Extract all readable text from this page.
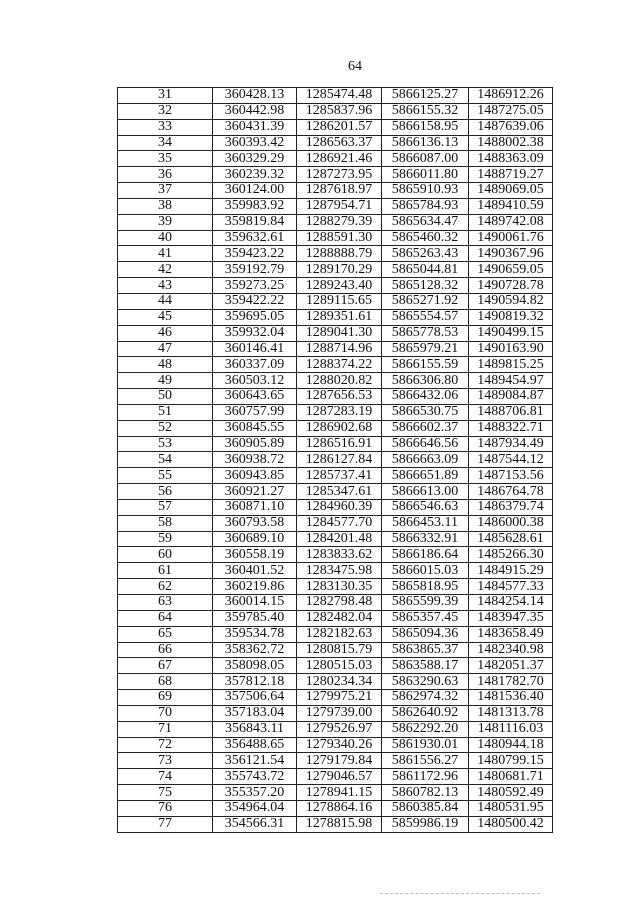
64
31	360428.13	1285474.48	5866125.27	1486912.26
32	360442.98	1285837.96	5866155.32	1487275.05
33	360431.39	1286201.57	5866158.95	1487639.06
34	360393.42	1286563.37	5866136.13	1488002.38
35	360329.29	1286921.46	5866087.00	1488363.09
36	360239.32	1287273.95	5866011.80	1488719.27
37	360124.00	1287618.97	5865910.93	1489069.05
38	359983.92	1287954.71	5865784.93	1489410.59
39	359819.84	1288279.39	5865634.47	1489742.08
40	359632.61	1288591.30	5865460.32	1490061.76
41	359423.22	1288888.79	5865263.43	1490367.96
42	359192.79	1289170.29	5865044.81	1490659.05
43	359273.25	1289243.40	5865128.32	1490728.78
44	359422.22	1289115.65	5865271.92	1490594.82
45	359695.05	1289351.61	5865554.57	1490819.32
46	359932.04	1289041.30	5865778.53	1490499.15
47	360146.41	1288714.96	5865979.21	1490163.90
48	360337.09	1288374.22	5866155.59	1489815.25
49	360503.12	1288020.82	5866306.80	1489454.97
50	360643.65	1287656.53	5866432.06	1489084.87
51	360757.99	1287283.19	5866530.75	1488706.81
52	360845.55	1286902.68	5866602.37	1488322.71
53	360905.89	1286516.91	5866646.56	1487934.49
54	360938.72	1286127.84	5866663.09	1487544.12
55	360943.85	1285737.41	5866651.89	1487153.56
56	360921.27	1285347.61	5866613.00	1486764.78
57	360871.10	1284960.39	5866546.63	1486379.74
58	360793.58	1284577.70	5866453.11	1486000.38
59	360689.10	1284201.48	5866332.91	1485628.61
60	360558.19	1283833.62	5866186.64	1485266.30
61	360401.52	1283475.98	5866015.03	1484915.29
62	360219.86	1283130.35	5865818.95	1484577.33
63	360014.15	1282798.48	5865599.39	1484254.14
64	359785.40	1282482.04	5865357.45	1483947.35
65	359534.78	1282182.63	5865094.36	1483658.49
66	358362.72	1280815.79	5863865.37	1482340.98
67	358098.05	1280515.03	5863588.17	1482051.37
68	357812.18	1280234.34	5863290.63	1481782.70
69	357506.64	1279975.21	5862974.32	1481536.40
70	357183.04	1279739.00	5862640.92	1481313.78
71	356843.11	1279526.97	5862292.20	1481116.03
72	356488.65	1279340.26	5861930.01	1480944.18
73	356121.54	1279179.84	5861556.27	1480799.15
74	355743.72	1279046.57	5861172.96	1480681.71
75	355357.20	1278941.15	5860782.13	1480592.49
76	354964.04	1278864.16	5860385.84	1480531.95
77	354566.31	1278815.98	5859986.19	1480500.42
